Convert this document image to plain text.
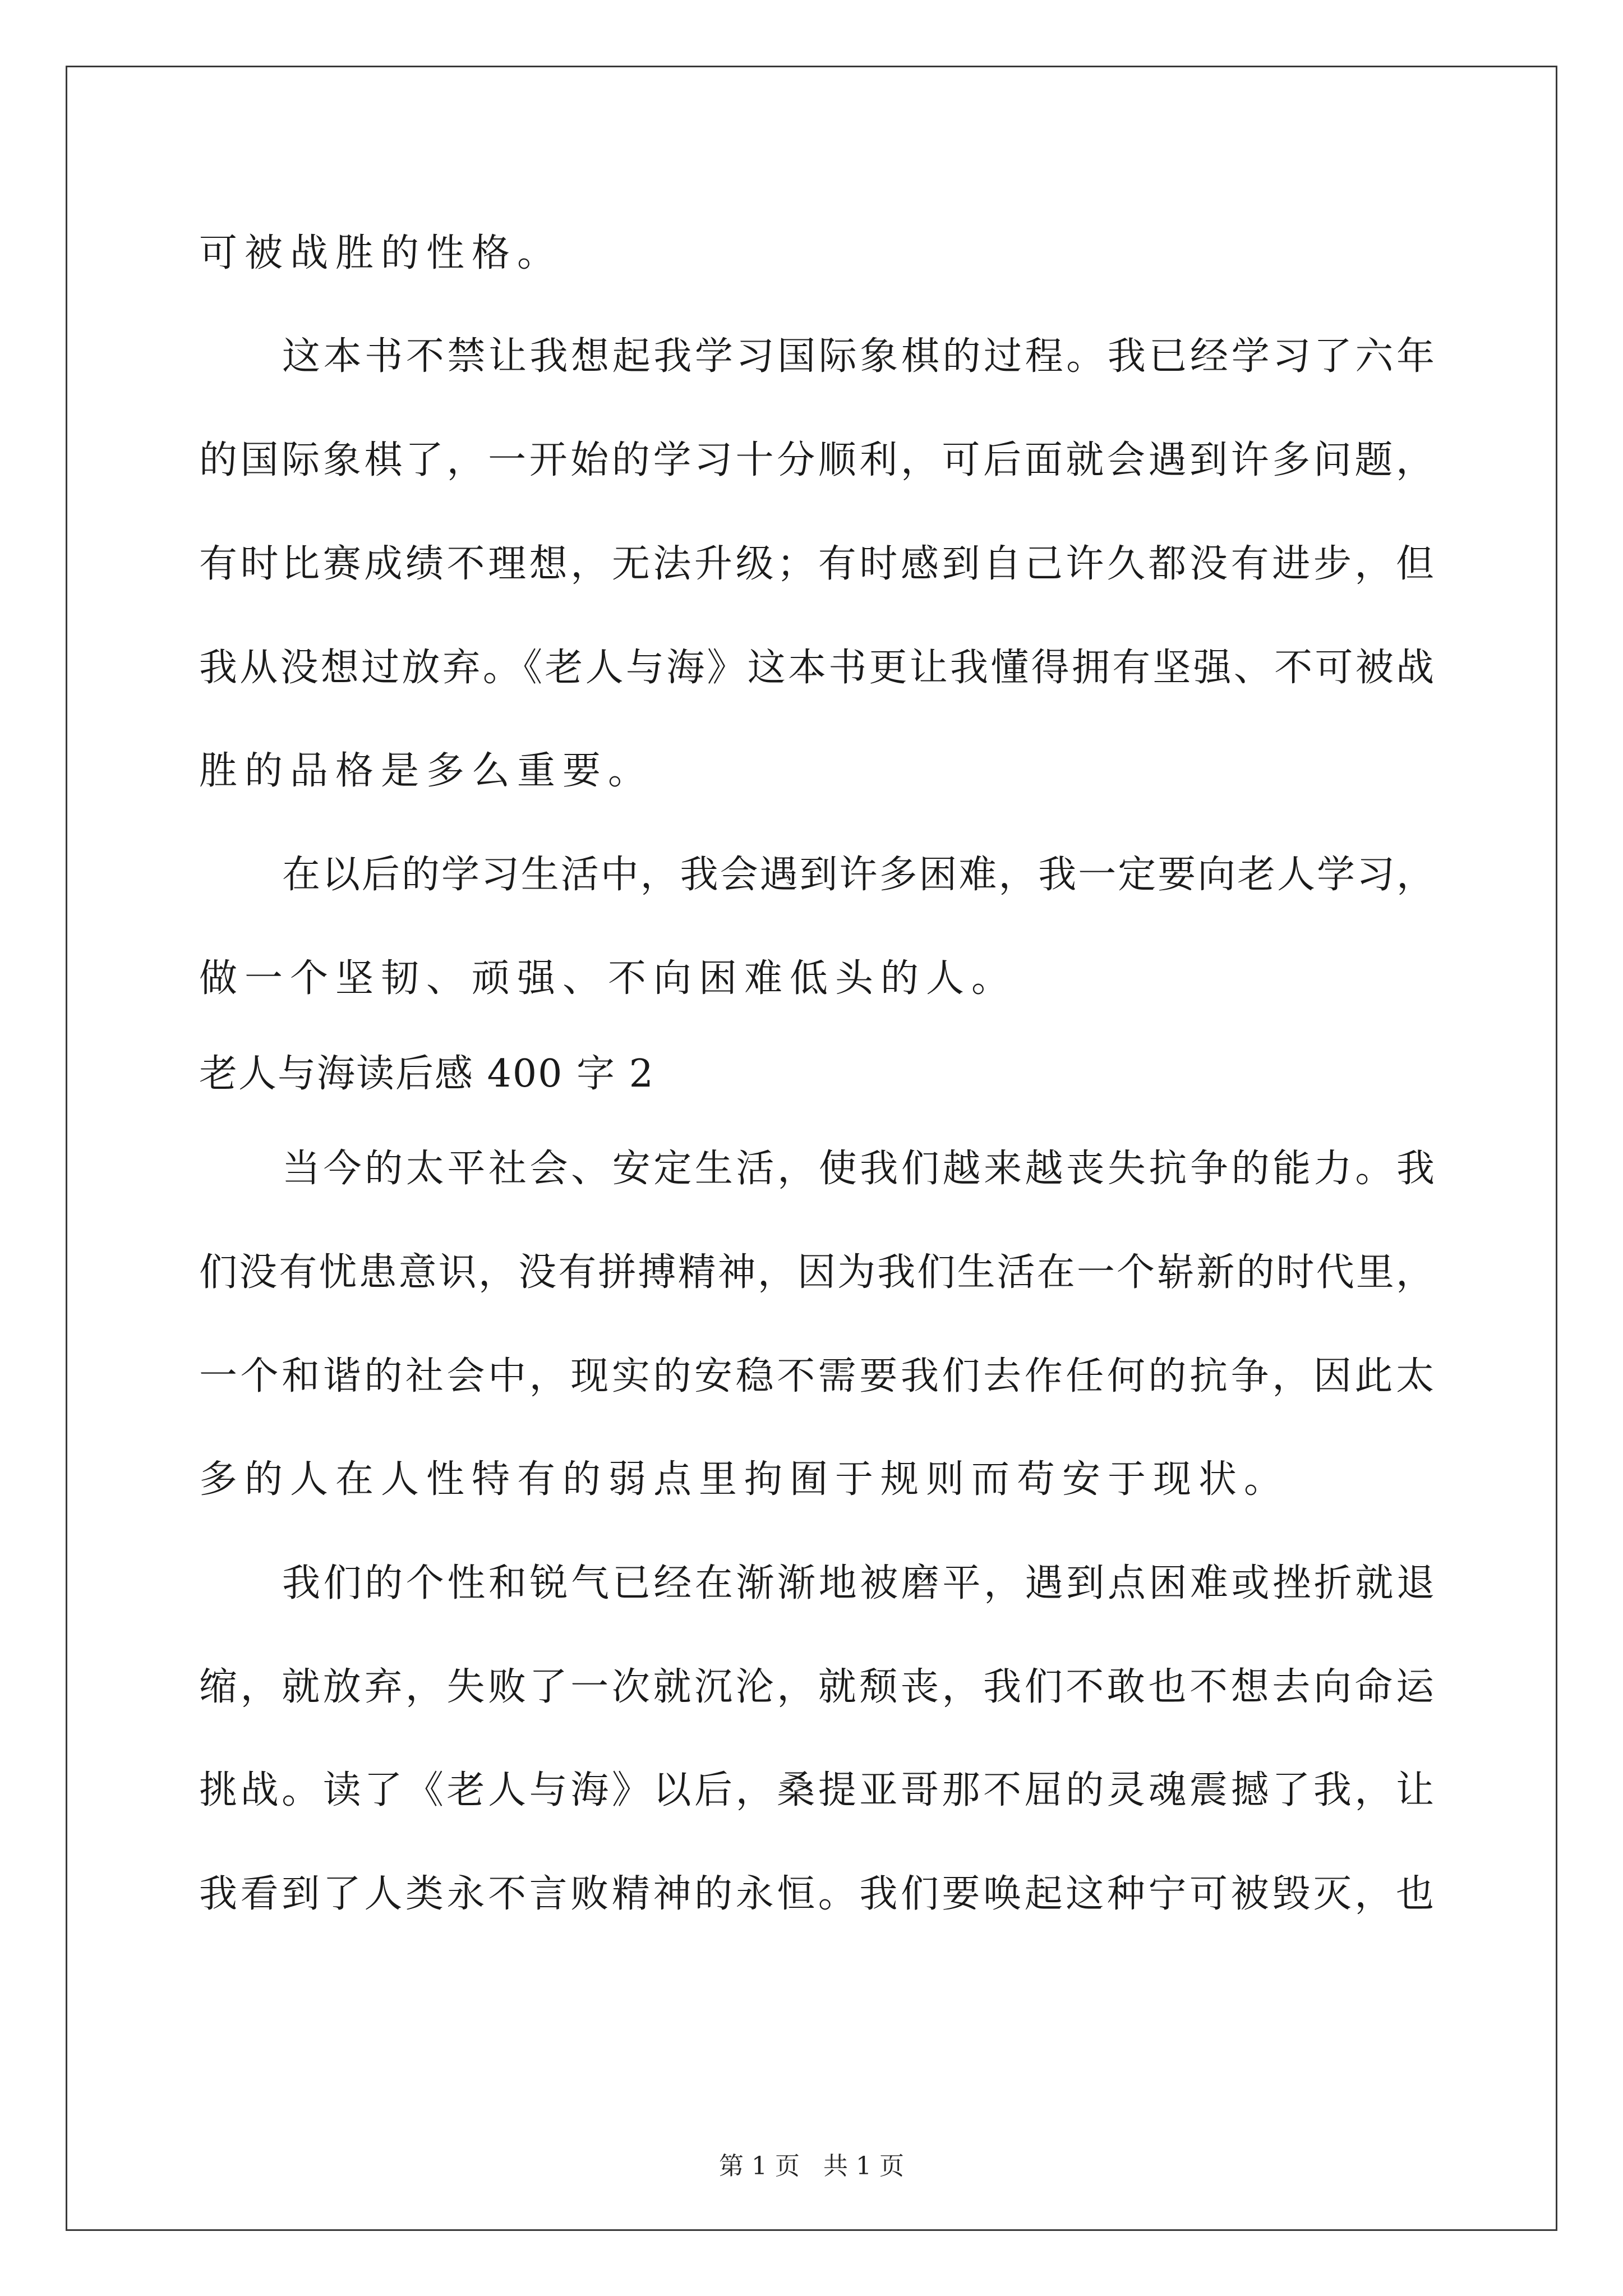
可被战胜的性格。

这本书不禁让我想起我学习国际象棋的过程。我已经学习了六年

的国际象棋了，一开始的学习十分顺利，可后面就会遇到许多问题，

有时比赛成绩不理想，无法升级；有时感到自己许久都没有进步，但

我从没想过放弃。《老人与海》这本书更让我懂得拥有坚强、不可被战

胜的品格是多么重要。

在以后的学习生活中，我会遇到许多困难，我一定要向老人学习，

做一个坚韧、顽强、不向困难低头的人。

老人与海读后感 400 字 2

当今的太平社会、安定生活，使我们越来越丧失抗争的能力。我

们没有忧患意识，没有拼搏精神，因为我们生活在一个崭新的时代里，

一个和谐的社会中，现实的安稳不需要我们去作任何的抗争，因此太

多的人在人性特有的弱点里拘囿于规则而苟安于现状。

我们的个性和锐气已经在渐渐地被磨平，遇到点困难或挫折就退

缩，就放弃，失败了一次就沉沦，就颓丧，我们不敢也不想去向命运

挑战。读了《老人与海》以后，桑提亚哥那不屈的灵魂震撼了我，让

我看到了人类永不言败精神的永恒。我们要唤起这种宁可被毁灭，也

第 1 页   共 1 页
